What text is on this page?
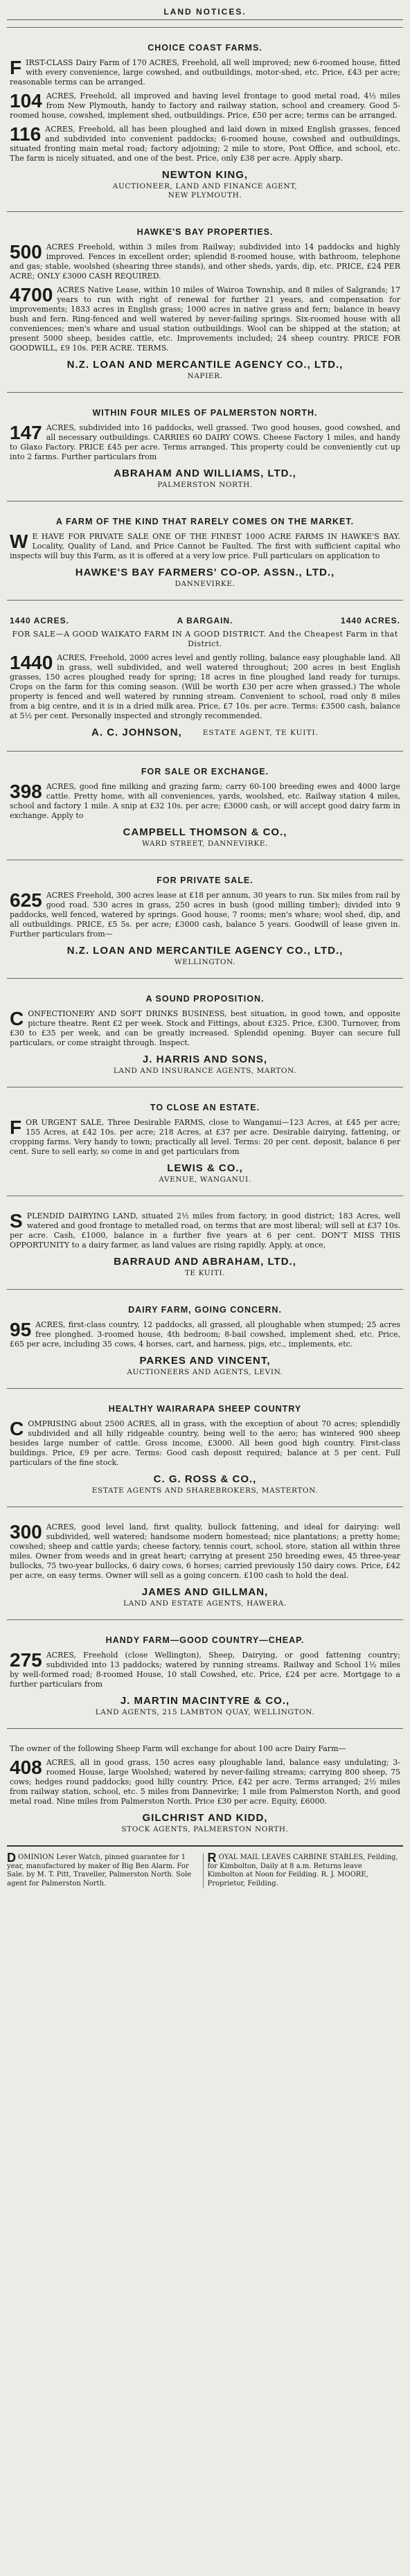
LAND NOTICES.
CHOICE COAST FARMS.
FIRST-CLASS Dairy Farm of 170 ACRES, Freehold, all well improved; new 6-roomed house, fitted with every convenience, large cowshed, and outbuildings, motor-shed, etc. Price, £43 per acre; reasonable terms can be arranged.
104 ACRES, Freehold, all improved and having level frontage to good metal road, 4½ miles from New Plymouth, handy to factory and railway station, school and creamery. Good 5-roomed house, cowshed, implement shed, outbuildings. Price, £50 per acre; terms can be arranged.
116 ACRES, Freehold, all has been ploughed and laid down in mixed English grasses, fenced and subdivided into convenient paddocks; 6-roomed house, cowshed and outbuildings, situated fronting main metal road; factory adjoining; 2 mile to store, Post Office, and school, etc. The farm is nicely situated, and one of the best. Price, only £38 per acre. Apply sharp.
NEWTON KING,
AUCTIONEER, LAND AND FINANCE AGENT,
NEW PLYMOUTH.
HAWKE'S BAY PROPERTIES.
500 ACRES Freehold, within 3 miles from Railway; subdivided into 14 paddocks and highly improved. Fences in excellent order; splendid 8-roomed house, with bathroom, telephone and gas; stable, woolshed (shearing three stands), and other sheds, yards, dip, etc. PRICE, £24 PER ACRE; ONLY £3000 CASH REQUIRED.
4700 ACRES Native Lease, within 10 miles of Wairoa Township, and 8 miles of Salgrands; 17 years to run with right of renewal for further 21 years, and compensation for improvements; 1833 acres in English grass; 1000 acres in native grass and fern; balance in heavy bush and fern. Ring-fenced and well watered by never-failing springs. Six-roomed house with all conveniences; men's whare and usual station outbuildings. Wool can be shipped at the station; at present 5000 sheep, besides cattle, etc. Improvements included; 24 sheep country. PRICE FOR GOODWILL, £9 10s. PER ACRE. TERMS.
N.Z. LOAN AND MERCANTILE AGENCY CO., LTD.,
NAPIER.
WITHIN FOUR MILES OF PALMERSTON NORTH.
147 ACRES, subdivided into 16 paddocks, well grassed. Two good houses, good cowshed, and all necessary outbuildings. CARRIES 60 DAIRY COWS. Cheese Factory 1 miles, and handy to Glaxo Factory. PRICE £45 per acre. Terms arranged. This property could be conveniently cut up into 2 farms. Further particulars from
ABRAHAM AND WILLIAMS, LTD.,
PALMERSTON NORTH.
A FARM OF THE KIND THAT RARELY COMES ON THE MARKET.
W E HAVE FOR PRIVATE SALE ONE OF THE FINEST 1000 ACRE FARMS IN HAWKE'S BAY. Locality, Quality of Land, and Price Cannot be Faulted. The first with sufficient capital who inspects will buy this Farm, as it is offered at a very low price. Full particulars on application to
HAWKE'S BAY FARMERS' CO-OP. ASSN., LTD.,
DANNEVIRKE.
1440 ACRES.	A BARGAIN.	1440 ACRES.
FOR SALE—A GOOD WAIKATO FARM IN A GOOD DISTRICT. And the Cheapest Farm in that District.
1440 ACRES, Freehold, 2000 acres level and gently rolling, balance easy ploughable land. All in grass, well subdivided, and well watered throughout; 200 acres in best English grasses, 150 acres ploughed ready for spring; 18 acres in fine ploughed land ready for turnips. Crops on the farm for this coming season. (Will be worth £30 per acre when grassed.) The whole property is fenced and well watered by running stream. Convenient to school, road only 8 miles from a big centre, and it is in a dried milk area. Price, £7 10s. per acre. Terms: £3500 cash, balance at 5½ per cent. Personally inspected and strongly recommended.
A. C. JOHNSON,	ESTATE AGENT, TE KUITI.
FOR SALE OR EXCHANGE.
398 ACRES, good fine milking and grazing farm; carry 60-100 breeding ewes and 4000 large cattle. Pretty home, with all conveniences, yards, woolshed, etc. Railway station 4 miles, school and factory 1 mile. A snip at £32 10s. per acre; £3000 cash, or will accept good dairy farm in exchange. Apply to
CAMPBELL THOMSON & CO.,
WARD STREET, DANNEVIRKE.
FOR PRIVATE SALE.
625 ACRES Freehold, 300 acres lease at £18 per annum, 30 years to run. Six miles from rail by good road. 530 acres in grass, 250 acres in bush (good milling timber); divided into 9 paddocks, well fenced, watered by springs. Good house, 7 rooms; men's whare; wool shed, dip, and all outbuildings. PRICE, £5 5s. per acre; £3000 cash, balance 5 years. Goodwill of lease given in. Further particulars from—
N.Z. LOAN AND MERCANTILE AGENCY CO., LTD.,
WELLINGTON.
A SOUND PROPOSITION.
CONFECTIONERY AND SOFT DRINKS BUSINESS, best situation, in good town, and opposite picture theatre. Rent £2 per week. Stock and Fittings, about £325. Price, £300. Turnover, from £30 to £35 per week, and can be greatly increased. Splendid opening. Buyer can secure full particulars, or come straight through. Inspect.
J. HARRIS AND SONS,
LAND AND INSURANCE AGENTS, MARTON.
TO CLOSE AN ESTATE.
FOR URGENT SALE, Three Desirable FARMS, close to Wanganui—123 Acres, at £45 per acre; 155 Acres, at £42 10s. per acre; 218 Acres, at £37 per acre. Desirable dairying, fattening, or cropping farms. Very handy to town; practically all level. Terms: 20 per cent. deposit, balance 6 per cent. Sure to sell early, so come in and get particulars from
LEWIS & CO.,
AVENUE, WANGANUI.
SPLENDID DAIRYING LAND, situated 2½ miles from factory, in good district; 183 Acres, well watered and good frontage to metalled road, on terms that are most liberal; will sell at £37 10s. per acre. Cash, £1000, balance in a further five years at 6 per cent. DON'T MISS THIS OPPORTUNITY to a dairy farmer, as land values are rising rapidly. Apply, at once,
BARRAUD AND ABRAHAM, LTD.,
TE KUITI.
DAIRY FARM, GOING CONCERN.
95 ACRES, first-class country, 12 paddocks, all grassed, all ploughable when stumped; 25 acres free plonghed. 3-roomed house, 4th bedroom; 8-bail cowshed, implement shed, etc. Price, £65 per acre, including 35 cows, 4 horses, cart, and harness, pigs, etc., implements, etc.
PARKES AND VINCENT,
AUCTIONEERS AND AGENTS, LEVIN.
HEALTHY WAIRARAPA SHEEP COUNTRY
COMPRISING about 2500 ACRES, all in grass, with the exception of about 70 acres; splendidly subdivided and all hilly ridgeable country, being well to the aero; has wintered 900 sheep besides large number of cattle. Gross income, £3000. All been good high country. First-class buildings. Price, £9 per acre. Terms: Good cash deposit required; balance at 5 per cent. Full particulars of the fine stock.
C. G. ROSS & CO.,
ESTATE AGENTS AND SHAREBROKERS, MASTERTON.
300 ACRES, good level land, first quality, bullock fattening, and ideal for dairying: well subdivided, well watered; handsome modern homestead; nice plantations; a pretty home; cowshed; sheep and cattle yards; cheese factory, tennis court, school, store, station all within three miles. Owner from weeds and in great heart; carrying at present 250 breeding ewes, 45 three-year bullocks, 75 two-year bullocks, 6 dairy cows, 6 horses; carried previously 150 dairy cows. Price, £42 per acre, on easy terms. Owner will sell as a going concern. £100 cash to hold the deal.
JAMES AND GILLMAN,
LAND AND ESTATE AGENTS, HAWERA.
HANDY FARM—GOOD COUNTRY—CHEAP.
275 ACRES, Freehold (close Wellington), Sheep, Dairying, or good fattening country; subdivided into 13 paddocks; watered by running streams. Railway and School 1½ miles by well-formed road; 8-roomed House, 10 stall Cowshed, etc. Price, £24 per acre. Mortgage to a further particulars from
J. MARTIN MACINTYRE & CO.,
LAND AGENTS, 215 LAMBTON QUAY, WELLINGTON.
The owner of the following Sheep Farm will exchange for about 100 acre Dairy Farm—
408 ACRES, all in good grass, 150 acres easy ploughable land, balance easy undulating; 3-roomed House, large Woolshed; watered by never-failing streams; carrying 800 sheep, 75 cows; hedges round paddocks; good hilly country. Price, £42 per acre. Terms arranged; 2½ miles from railway station, school, etc. 5 miles from Dannevirke; 1 mile from Palmerston North, and good metal road. Nine miles from Palmerston North. Price £30 per acre. Equity, £6000.
GILCHRIST AND KIDD,
STOCK AGENTS, PALMERSTON NORTH.
D OMINION Lever Watch, pinned guarantee for 1 year, manufactured by maker of Big Ben Alarm. For Sale. by M. T. Pitt, Traveller, Palmerston North. Sole agent for Palmerston North.
R OYAL MAIL LEAVES CARBINE STABLES, Feilding, for Kimbolton, Daily at 8 a.m. Returns leave Kimbolton at Noon for Feilding. R. J. MOORE, Proprietor, Feilding.
